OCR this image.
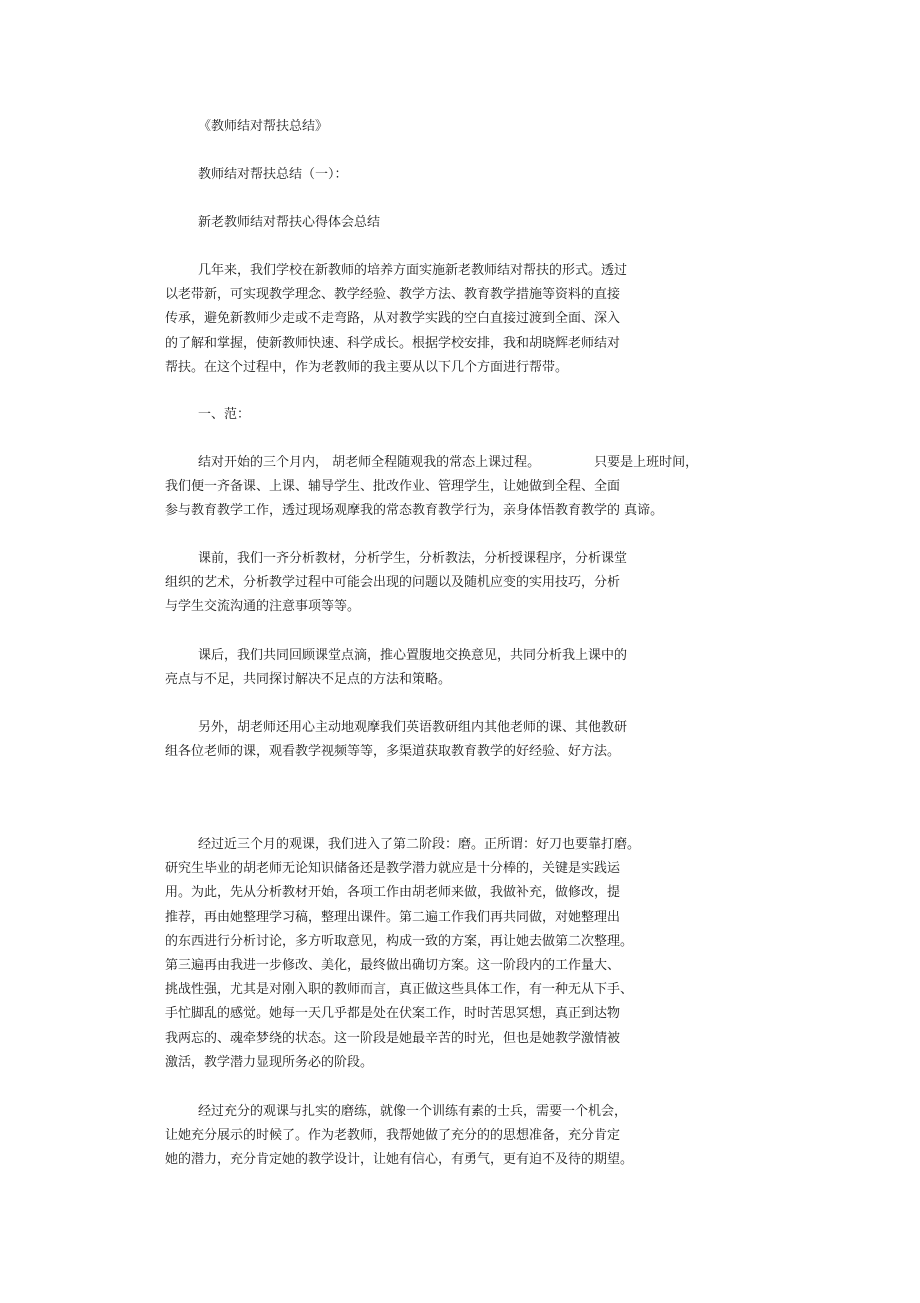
《教师结对帮扶总结》
教师结对帮扶总结（一）：
新老教师结对帮扶心得体会总结
几年来，我们学校在新教师的培养方面实施新老教师结对帮扶的形式。透过
以老带新，可实现教学理念、教学经验、教学方法、教育教学措施等资料的直接
传承，避免新教师少走或不走弯路，从对教学实践的空白直接过渡到全面、深入
的了解和掌握，使新教师快速、科学成长。根据学校安排，我和胡晓辉老师结对
帮扶。在这个过程中，作为老教师的我主要从以下几个方面进行帮带。
一、范：
结对开始的三个月内， 胡老师全程随观我的常态上课过程。	只要是上班时间，
我们便一齐备课、上课、辅导学生、批改作业、管理学生，让她做到全程、全面
参与教育教学工作，透过现场观摩我的常态教育教学行为，亲身体悟教育教学的 真谛。
课前，我们一齐分析教材，分析学生，分析教法，分析授课程序，分析课堂
组织的艺术，分析教学过程中可能会出现的问题以及随机应变的实用技巧，分析
与学生交流沟通的注意事项等等。
课后，我们共同回顾课堂点滴，推心置腹地交换意见，共同分析我上课中的
亮点与不足，共同探讨解决不足点的方法和策略。
另外，胡老师还用心主动地观摩我们英语教研组内其他老师的课、其他教研
组各位老师的课，观看教学视频等等，多渠道获取教育教学的好经验、好方法。
经过近三个月的观课，我们进入了第二阶段：磨。正所谓：好刀也要靠打磨。
研究生毕业的胡老师无论知识储备还是教学潜力就应是十分棒的，关键是实践运
用。为此，先从分析教材开始，各项工作由胡老师来做，我做补充，做修改，提
推荐，再由她整理学习稿，整理出课件。第二遍工作我们再共同做，对她整理出
的东西进行分析讨论，多方听取意见，构成一致的方案，再让她去做第二次整理。
第三遍再由我进一步修改、美化，最终做出确切方案。这一阶段内的工作量大、
挑战性强，尤其是对刚入职的教师而言，真正做这些具体工作，有一种无从下手、
手忙脚乱的感觉。她每一天几乎都是处在伏案工作，时时苦思冥想，真正到达物
我两忘的、魂牵梦绕的状态。这一阶段是她最辛苦的时光，但也是她教学激情被
激活，教学潜力显现所务必的阶段。
经过充分的观课与扎实的磨练，就像一个训练有素的士兵，需要一个机会，
让她充分展示的时候了。作为老教师，我帮她做了充分的的思想准备，充分肯定
她的潜力，充分肯定她的教学设计，让她有信心，有勇气，更有迫不及待的期望。
